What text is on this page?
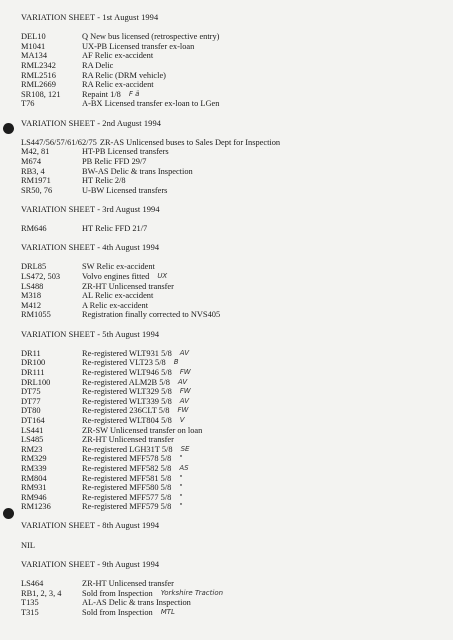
VARIATION SHEET - 1st August 1994
DEL10	Q New bus licensed (retrospective entry)
M1041	UX-PB Licensed transfer ex-loan
MA134	AF Relic ex-accident
RML2342	RA Delic
RML2516	RA Relic (DRM vehicle)
RML2669	RA Relic ex-accident
SR108, 121	Repaint 1/8 F ä
T76	A-BX Licensed transfer ex-loan to LGen
VARIATION SHEET - 2nd August 1994
LS447/56/57/61/62/75 ZR-AS Unlicensed buses to Sales Dept for Inspection
M42, 81	HT-PB Licensed transfers
M674	PB Relic FFD 29/7
RB3, 4	BW-AS Delic & trans Inspection
RM1971	HT Relic 2/8
SR50, 76	U-BW Licensed transfers
VARIATION SHEET - 3rd August 1994
RM646	HT Relic FFD 21/7
VARIATION SHEET - 4th August 1994
DRL85	SW Relic ex-accident
LS472, 503	Volvo engines fitted UX
LS488	ZR-HT Unlicensed transfer
M318	AL Relic ex-accident
M412	A Relic ex-accident
RM1055	Registration finally corrected to NVS405
VARIATION SHEET - 5th August 1994
DR11	Re-registered WLT931 5/8 AV
DR100	Re-registered VLT23 5/8 B
DR111	Re-registered WLT946 5/8 FW
DRL100	Re-registered ALM2B 5/8 AV
DT75	Re-registered WLT329 5/8 FW
DT77	Re-registered WLT339 5/8 AV
DT80	Re-registered 236CLT 5/8 FW
DT164	Re-registered WLT804 5/8 V
LS441	ZR-SW Unlicensed transfer on loan
LS485	ZR-HT Unlicensed transfer
RM23	Re-registered LGH31T 5/8 SE
RM329	Re-registered MFF578 5/8 "
RM339	Re-registered MFF582 5/8 AS
RM804	Re-registered MFF581 5/8 "
RM931	Re-registered MFF580 5/8 "
RM946	Re-registered MFF577 5/8 "
RM1236	Re-registered MFF579 5/8 "
VARIATION SHEET - 8th August 1994
NIL
VARIATION SHEET - 9th August 1994
LS464	ZR-HT Unlicensed transfer
RB1, 2, 3, 4	Sold from Inspection Yorkshire Traction
T135	AL-AS Delic & trans Inspection
T315	Sold from Inspection MTL
